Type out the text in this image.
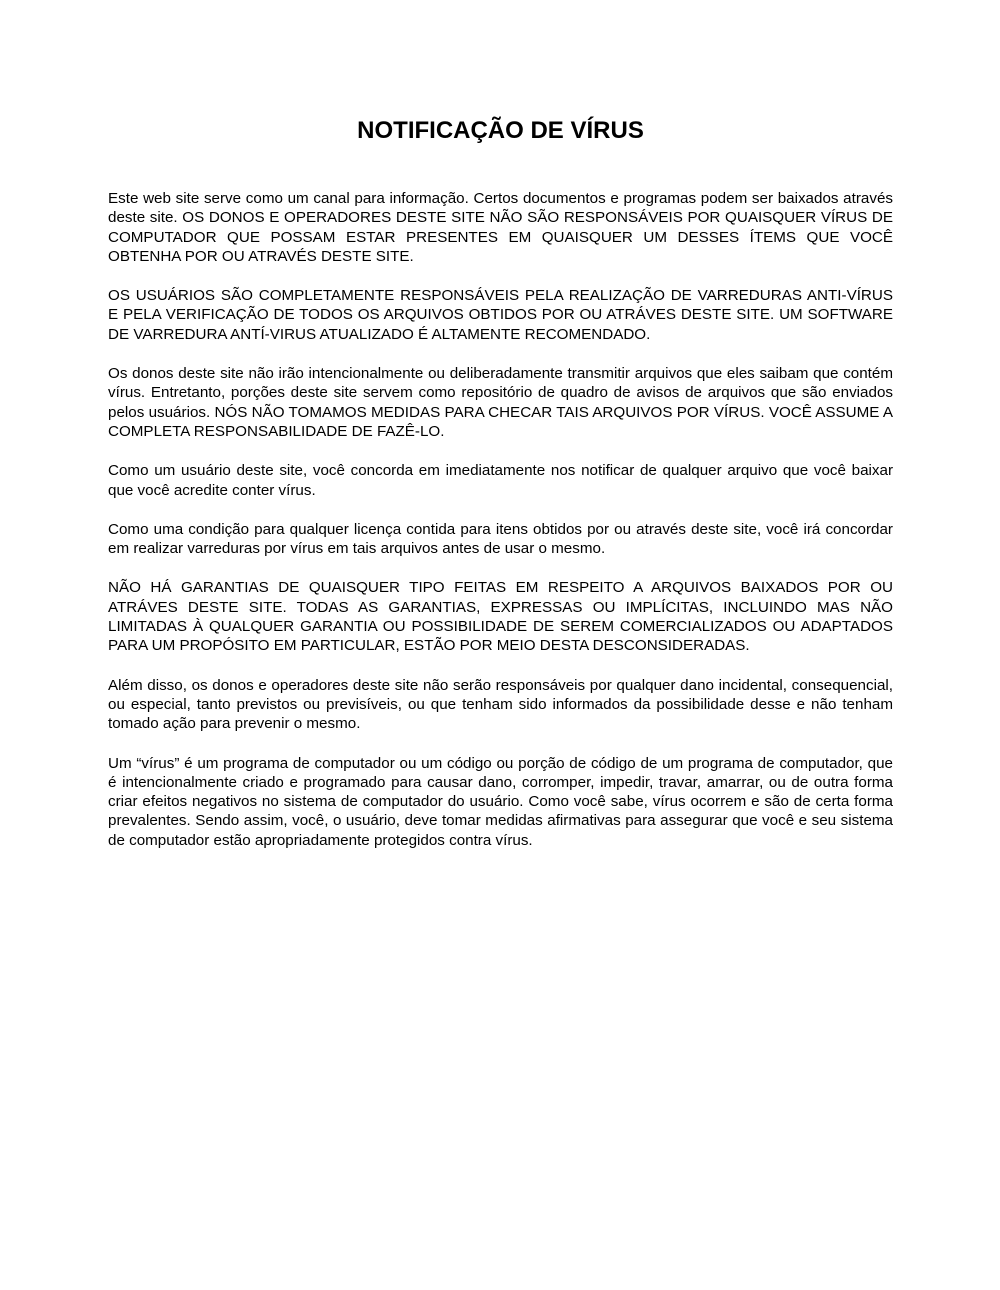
NOTIFICAÇÃO DE VÍRUS

Este web site serve como um canal para informação. Certos documentos e programas podem ser baixados através deste site. OS DONOS E OPERADORES DESTE SITE NÃO SÃO RESPONSÁVEIS POR QUAISQUER VÍRUS DE COMPUTADOR QUE POSSAM ESTAR PRESENTES EM QUAISQUER UM DESSES ÍTEMS QUE VOCÊ OBTENHA POR OU ATRAVÉS DESTE SITE.

OS USUÁRIOS SÃO COMPLETAMENTE RESPONSÁVEIS PELA REALIZAÇÃO DE VARREDURAS ANTI-VÍRUS E PELA VERIFICAÇÃO DE TODOS OS ARQUIVOS OBTIDOS POR OU ATRÁVES DESTE SITE. UM SOFTWARE DE VARREDURA ANTÍ-VIRUS ATUALIZADO É ALTAMENTE RECOMENDADO.

Os donos deste site não irão intencionalmente ou deliberadamente transmitir arquivos que eles saibam que contém vírus. Entretanto, porções deste site servem como repositório de quadro de avisos de arquivos que são enviados pelos usuários. NÓS NÃO TOMAMOS MEDIDAS PARA CHECAR TAIS ARQUIVOS POR VÍRUS. VOCÊ ASSUME A COMPLETA RESPONSABILIDADE DE FAZÊ-LO.

Como um usuário deste site, você concorda em imediatamente nos notificar de qualquer arquivo que você baixar que você acredite conter vírus.

Como uma condição para qualquer licença contida para itens obtidos por ou através deste site, você irá concordar em realizar varreduras por vírus em tais arquivos antes de usar o mesmo.

NÃO HÁ GARANTIAS DE QUAISQUER TIPO FEITAS EM RESPEITO A ARQUIVOS BAIXADOS POR OU ATRÁVES DESTE SITE. TODAS AS GARANTIAS, EXPRESSAS OU IMPLÍCITAS, INCLUINDO MAS NÃO LIMITADAS À QUALQUER GARANTIA OU POSSIBILIDADE DE SEREM COMERCIALIZADOS OU ADAPTADOS PARA UM PROPÓSITO EM PARTICULAR, ESTÃO POR MEIO DESTA DESCONSIDERADAS.

Além disso, os donos e operadores deste site não serão responsáveis por qualquer dano incidental, consequencial, ou especial, tanto previstos ou previsíveis, ou que tenham sido informados da possibilidade desse e não tenham tomado ação para prevenir o mesmo.

Um “vírus” é um programa de computador ou um código ou porção de código de um programa de computador, que é intencionalmente criado e programado para causar dano, corromper, impedir, travar, amarrar, ou de outra forma criar efeitos negativos no sistema de computador do usuário. Como você sabe, vírus ocorrem e são de certa forma prevalentes. Sendo assim, você, o usuário, deve tomar medidas afirmativas para assegurar que você e seu sistema de computador estão apropriadamente protegidos contra vírus.
